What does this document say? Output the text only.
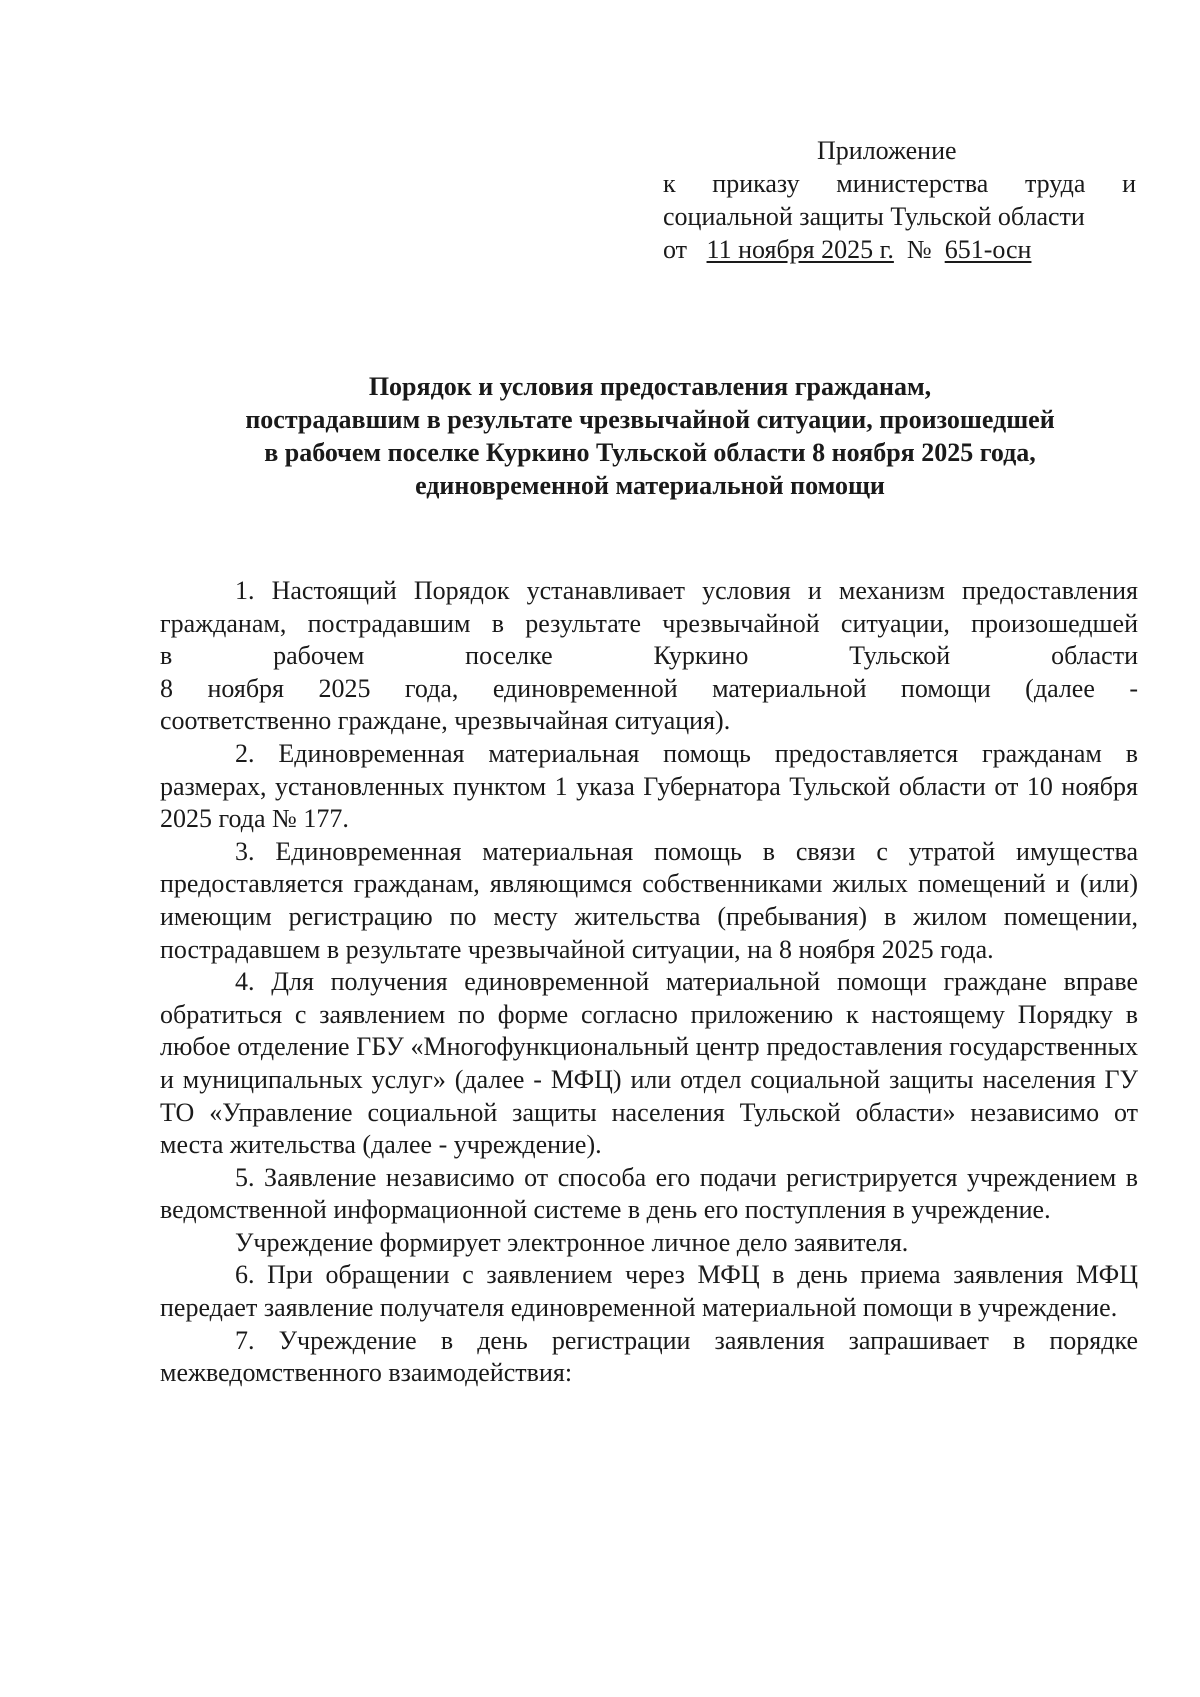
Приложение
к приказу министерства труда и
социальной защиты Тульской области
от 11 ноября 2025 г. № 651-осн
Порядок и условия предоставления гражданам,
пострадавшим в результате чрезвычайной ситуации, произошедшей
в рабочем поселке Куркино Тульской области 8 ноября 2025 года,
единовременной материальной помощи

1. Настоящий Порядок устанавливает условия и механизм предоставления
гражданам, пострадавшим в результате чрезвычайной ситуации, произошедшей
в рабочем поселке Куркино Тульской области
8 ноября 2025 года, единовременной материальной помощи (далее -
соответственно граждане, чрезвычайная ситуация).

2. Единовременная материальная помощь предоставляется гражданам в размерах, установленных пунктом 1 указа Губернатора Тульской области от 10 ноября 2025 года № 177.

3. Единовременная материальная помощь в связи с утратой имущества предоставляется гражданам, являющимся собственниками жилых помещений и (или) имеющим регистрацию по месту жительства (пребывания) в жилом помещении, пострадавшем в результате чрезвычайной ситуации, на 8 ноября 2025 года.

4. Для получения единовременной материальной помощи граждане вправе обратиться с заявлением по форме согласно приложению к настоящему Порядку в любое отделение ГБУ «Многофункциональный центр предоставления государственных и муниципальных услуг» (далее - МФЦ) или отдел социальной защиты населения ГУ ТО «Управление социальной защиты населения Тульской области» независимо от места жительства (далее - учреждение).

5. Заявление независимо от способа его подачи регистрируется учреждением в ведомственной информационной системе в день его поступления в учреждение.

Учреждение формирует электронное личное дело заявителя.

6. При обращении с заявлением через МФЦ в день приема заявления МФЦ передает заявление получателя единовременной материальной помощи в учреждение.

7. Учреждение в день регистрации заявления запрашивает в порядке межведомственного взаимодействия:
